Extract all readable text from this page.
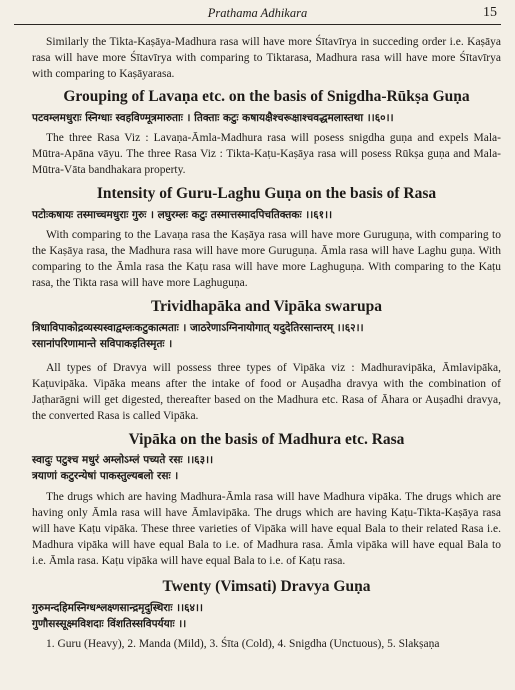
Prathama Adhikara	15

Similarly the Tikta-Kaṣāya-Madhura rasa will have more Śītavīrya in succeding order i.e. Kaṣāya rasa will have more Śītavīrya with comparing to Tiktarasa, Madhura rasa will have more Śītavīrya with comparing to Kaṣāyarasa.

Grouping of Lavaṇa etc. on the basis of Snigdha-Rūkṣa Guṇa
पटवम्लमधुराः स्निग्धाः स्वहविण्मूत्रमारुताः । तिक्ताः कटुः कषायक्षैश्चरूक्षाश्चवद्धमलास्तथा ।।६०।।

The three Rasa Viz : Lavaṇa-Āmla-Madhura rasa will posess snigdha guṇa and expels Mala-Mūtra-Apāna vāyu. The three Rasa Viz : Tikta-Kaṭu-Kaṣāya rasa will posess Rūkṣa guṇa and Mala-Mūtra-Vāta bandhakara property.

Intensity of Guru-Laghu Guṇa on the basis of Rasa
पटोःकषायः तस्माच्चमधुराः गुरुः । लघुरम्लः कटुः तस्मात्तस्मादपिचतिक्तकः ।।६१।।

With comparing to the Lavaṇa rasa the Kaṣāya rasa will have more Guruguṇa, with comparing to the Kaṣāya rasa, the Madhura rasa will have more Guruguṇa. Āmla rasa will have Laghu guṇa. With comparing to the Āmla rasa the Kaṭu rasa will have more Laghuguṇa. With comparing to the Kaṭu rasa, the Tikta rasa will have more Laghuguṇa.

Trividhapāka and Vipāka swarupa
त्रिधाविपाकोद्रव्यस्यस्वाद्वम्लःकटुकात्मताः । जाठरेणाऽग्निनायोगात् यदुदेतिरसान्तरम् ।।६२।।
रसानांपरिणामान्ते सविपाकइतिस्मृतः ।

All types of Dravya will possess three types of Vipāka viz : Madhuravipāka, Āmlavipāka, Kaṭuvipāka. Vipāka means after the intake of food or Auṣadha dravya with the combination of Jaṭharāgni will get digested, thereafter based on the Madhura etc. Rasa of Āhara or Auṣadhi dravya, the converted Rasa is called Vipāka.

Vipāka on the basis of Madhura etc. Rasa
स्वादुः पटुश्च मधुरं अम्लोऽम्लं पच्यते रसः ।।६३।।
त्रयाणां कटुरन्येषां पाकस्तुल्यबलो रसः ।

The drugs which are having Madhura-Āmla rasa will have Madhura vipāka. The drugs which are having only Āmla rasa will have Āmlavipāka. The drugs which are having Kaṭu-Tikta-Kaṣāya rasa will have Kaṭu vipāka. These three varieties of Vipāka will have equal Bala to their related Rasa i.e. Madhura vipāka will have equal Bala to i.e. of Madhura rasa. Āmla vipāka will have equal Bala to i.e. Āmla rasa. Kaṭu vipāka will have equal Bala to i.e. of Kaṭu rasa.

Twenty (Vimsati) Dravya Guṇa
गुरुमन्दहिमस्निग्धश्लक्ष्णसान्द्रमृदुस्थिराः ।।६४।।
गुणौसस्सूक्ष्मविशदाः विंशतिस्सविपर्ययाः ।।

1. Guru (Heavy), 2. Manda (Mild), 3. Śīta (Cold), 4. Snigdha (Unctuous), 5. Slakṣaṇa
